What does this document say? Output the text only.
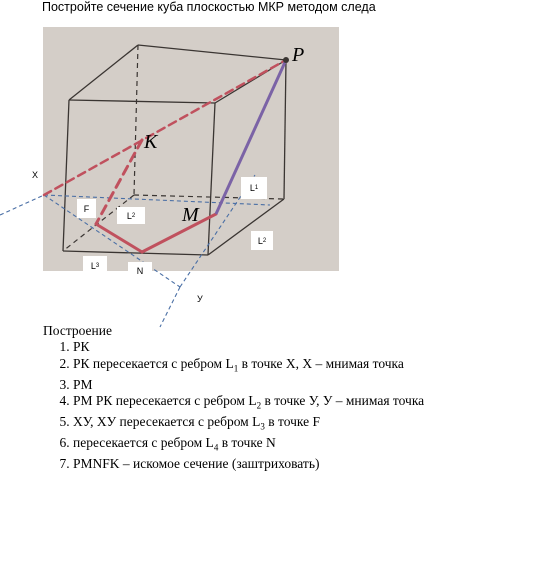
Постройте сечение куба плоскостью МКР методом следа
P
K
M
X
У
F
L 2
L 1
L 2
L 3	N
Построение
1. РК
2. РК пересекается с ребром $L_1$ в точке X, X – мнимая точка
3. РМ
4. РМ РК пересекается с ребром $L_2$ в точке У, У – мнимая точка
5. ХУ, ХУ пересекается с ребром $L_3$ в точке F
6. пересекается с ребром $L_4$ в точке N
7. PMNFK – искомое сечение (заштриховать)
